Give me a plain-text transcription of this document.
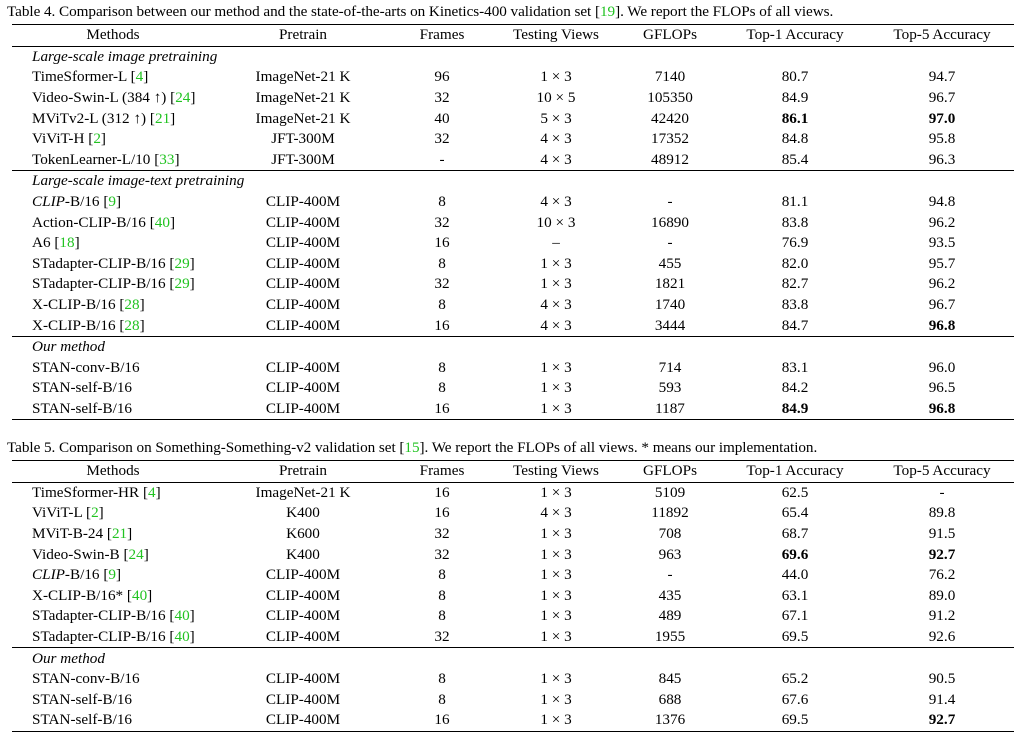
Table 4. Comparison between our method and the state-of-the-arts on Kinetics-400 validation set [19]. We report the FLOPs of all views.
Methods	Pretrain	Frames	Testing Views	GFLOPs	Top-1 Accuracy	Top-5 Accuracy
Large-scale image pretraining						
TimeSformer-L [4]	ImageNet-21 K	96	1 × 3	7140	80.7	94.7
Video-Swin-L (384 ↑) [24]	ImageNet-21 K	32	10 × 5	105350	84.9	96.7
MViTv2-L (312 ↑) [21]	ImageNet-21 K	40	5 × 3	42420	86.1	97.0
ViViT-H [2]	JFT-300M	32	4 × 3	17352	84.8	95.8
TokenLearner-L/10 [33]	JFT-300M	-	4 × 3	48912	85.4	96.3
Large-scale image-text pretraining						
CLIP-B/16 [9]	CLIP-400M	8	4 × 3	-	81.1	94.8
Action-CLIP-B/16 [40]	CLIP-400M	32	10 × 3	16890	83.8	96.2
A6 [18]	CLIP-400M	16	–	-	76.9	93.5
STadapter-CLIP-B/16 [29]	CLIP-400M	8	1 × 3	455	82.0	95.7
STadapter-CLIP-B/16 [29]	CLIP-400M	32	1 × 3	1821	82.7	96.2
X-CLIP-B/16 [28]	CLIP-400M	8	4 × 3	1740	83.8	96.7
X-CLIP-B/16 [28]	CLIP-400M	16	4 × 3	3444	84.7	96.8
Our method						
STAN-conv-B/16	CLIP-400M	8	1 × 3	714	83.1	96.0
STAN-self-B/16	CLIP-400M	8	1 × 3	593	84.2	96.5
STAN-self-B/16	CLIP-400M	16	1 × 3	1187	84.9	96.8
Table 5. Comparison on Something-Something-v2 validation set [15]. We report the FLOPs of all views. * means our implementation.
Methods	Pretrain	Frames	Testing Views	GFLOPs	Top-1 Accuracy	Top-5 Accuracy
TimeSformer-HR [4]	ImageNet-21 K	16	1 × 3	5109	62.5	-
ViViT-L [2]	K400	16	4 × 3	11892	65.4	89.8
MViT-B-24 [21]	K600	32	1 × 3	708	68.7	91.5
Video-Swin-B [24]	K400	32	1 × 3	963	69.6	92.7
CLIP-B/16 [9]	CLIP-400M	8	1 × 3	-	44.0	76.2
X-CLIP-B/16* [40]	CLIP-400M	8	1 × 3	435	63.1	89.0
STadapter-CLIP-B/16 [40]	CLIP-400M	8	1 × 3	489	67.1	91.2
STadapter-CLIP-B/16 [40]	CLIP-400M	32	1 × 3	1955	69.5	92.6
Our method						
STAN-conv-B/16	CLIP-400M	8	1 × 3	845	65.2	90.5
STAN-self-B/16	CLIP-400M	8	1 × 3	688	67.6	91.4
STAN-self-B/16	CLIP-400M	16	1 × 3	1376	69.5	92.7
